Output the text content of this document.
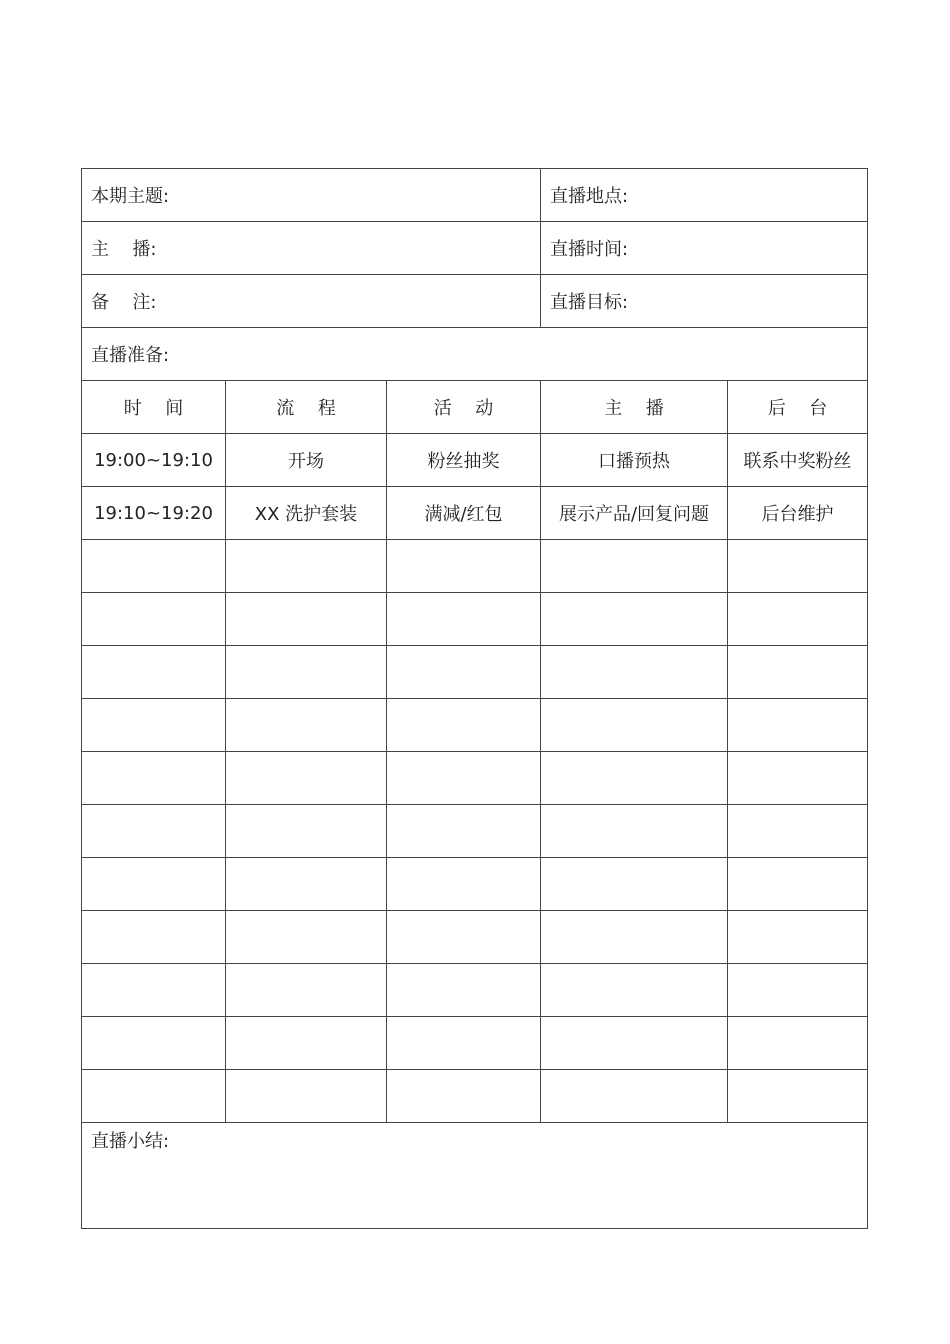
本期主题:			直播地点:	
主 播:			直播时间:	
备 注:			直播目标:	
直播准备:				
时 间	流 程	活 动	主 播	后 台
19:00~19:10	开场	粉丝抽奖	口播预热	联系中奖粉丝
19:10~19:20	XX 洗护套装	满减/红包	展示产品/回复问题	后台维护

直播小结:				
